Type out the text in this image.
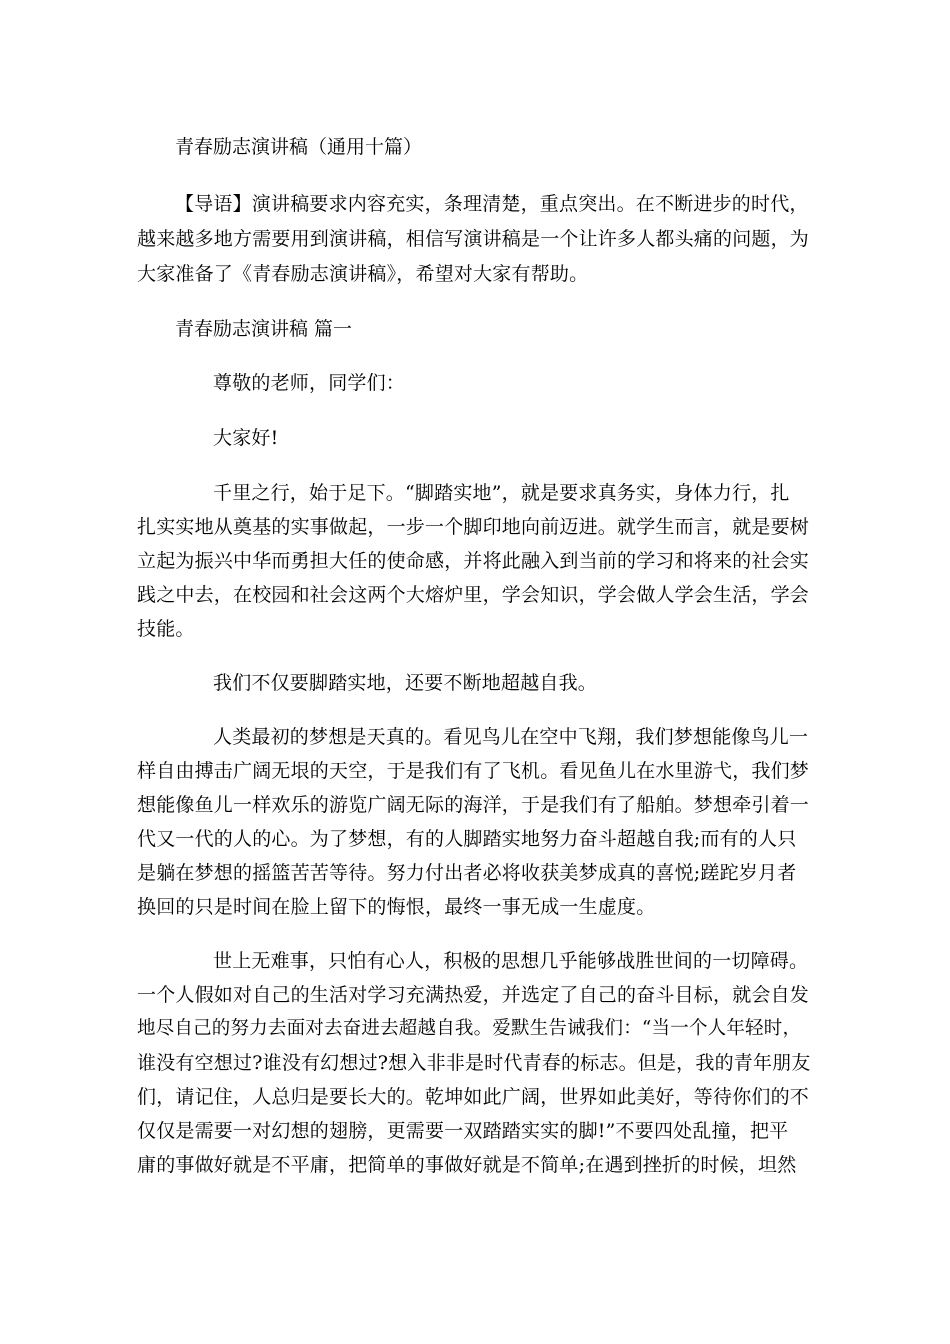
青春励志演讲稿（通用十篇）
【导语】演讲稿要求内容充实，条理清楚，重点突出。在不断进步的时代，
越来越多地方需要用到演讲稿，相信写演讲稿是一个让许多人都头痛的问题，为
大家准备了《青春励志演讲稿》，希望对大家有帮助。
青春励志演讲稿 篇一
尊敬的老师，同学们：
大家好!
千里之行，始于足下。“脚踏实地”，就是要求真务实，身体力行，扎
扎实实地从奠基的实事做起，一步一个脚印地向前迈进。就学生而言，就是要树
立起为振兴中华而勇担大任的使命感，并将此融入到当前的学习和将来的社会实
践之中去，在校园和社会这两个大熔炉里，学会知识，学会做人学会生活，学会
技能。
我们不仅要脚踏实地，还要不断地超越自我。
人类最初的梦想是天真的。看见鸟儿在空中飞翔，我们梦想能像鸟儿一
样自由搏击广阔无垠的天空，于是我们有了飞机。看见鱼儿在水里游弋，我们梦
想能像鱼儿一样欢乐的游览广阔无际的海洋，于是我们有了船舶。梦想牵引着一
代又一代的人的心。为了梦想，有的人脚踏实地努力奋斗超越自我;而有的人只
是躺在梦想的摇篮苦苦等待。努力付出者必将收获美梦成真的喜悦;蹉跎岁月者
换回的只是时间在脸上留下的悔恨，最终一事无成一生虚度。
世上无难事，只怕有心人，积极的思想几乎能够战胜世间的一切障碍。
一个人假如对自己的生活对学习充满热爱，并选定了自己的奋斗目标，就会自发
地尽自己的努力去面对去奋进去超越自我。爱默生告诫我们：“当一个人年轻时，
谁没有空想过?谁没有幻想过?想入非非是时代青春的标志。但是，我的青年朋友
们，请记住，人总归是要长大的。乾坤如此广阔，世界如此美好，等待你们的不
仅仅是需要一对幻想的翅膀，更需要一双踏踏实实的脚!”不要四处乱撞，把平
庸的事做好就是不平庸，把简单的事做好就是不简单;在遇到挫折的时候，坦然
